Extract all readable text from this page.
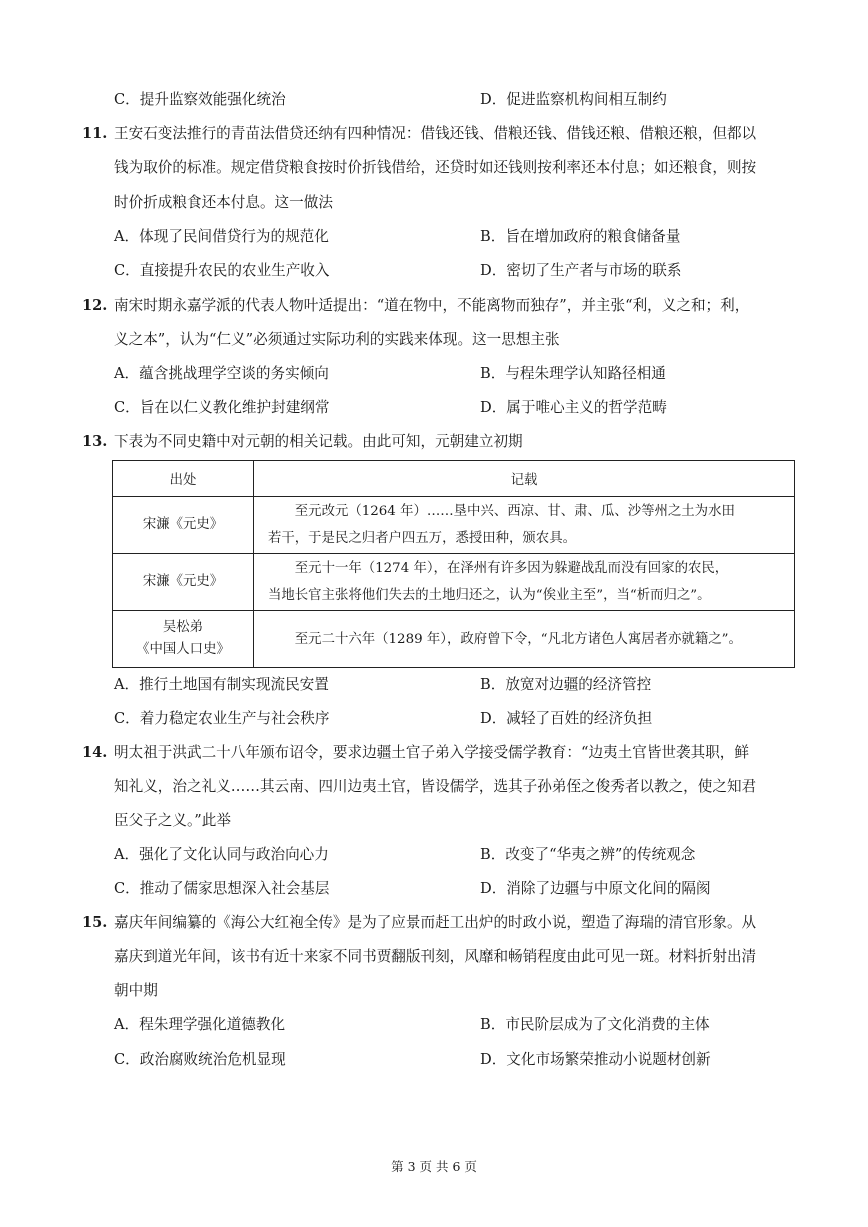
C．提升监察效能强化统治	D．促进监察机构间相互制约
11. 王安石变法推行的青苗法借贷还纳有四种情况：借钱还钱、借粮还钱、借钱还粮、借粮还粮，但都以
钱为取价的标准。规定借贷粮食按时价折钱借给，还贷时如还钱则按利率还本付息；如还粮食，则按
时价折成粮食还本付息。这一做法
A．体现了民间借贷行为的规范化	B．旨在增加政府的粮食储备量
C．直接提升农民的农业生产收入	D．密切了生产者与市场的联系
12. 南宋时期永嘉学派的代表人物叶适提出：“道在物中，不能离物而独存”，并主张“利，义之和；利，
义之本”，认为“仁义”必须通过实际功利的实践来体现。这一思想主张
A．蕴含挑战理学空谈的务实倾向	B．与程朱理学认知路径相通
C．旨在以仁义教化维护封建纲常	D．属于唯心主义的哲学范畴
13. 下表为不同史籍中对元朝的相关记载。由此可知，元朝建立初期
出处	记载
宋濂《元史》	至元改元（1264 年）……垦中兴、西凉、甘、肃、瓜、沙等州之土为水田
若干，于是民之归者户四五万，悉授田种，颁农具。

宋濂《元史》	至元十一年（1274 年），在泽州有许多因为躲避战乱而没有回家的农民，
当地长官主张将他们失去的土地归还之，认为“俟业主至”，当“析而归之”。

吴松弟
《中国人口史》	至元二十六年（1289 年），政府曾下令，“凡北方诸色人寓居者亦就籍之”。
A．推行土地国有制实现流民安置	B．放宽对边疆的经济管控
C．着力稳定农业生产与社会秩序	D．减轻了百姓的经济负担
14. 明太祖于洪武二十八年颁布诏令，要求边疆土官子弟入学接受儒学教育：“边夷土官皆世袭其职，鲜
知礼义，治之礼义……其云南、四川边夷土官，皆设儒学，选其子孙弟侄之俊秀者以教之，使之知君
臣父子之义。”此举
A．强化了文化认同与政治向心力	B．改变了“华夷之辨”的传统观念
C．推动了儒家思想深入社会基层	D．消除了边疆与中原文化间的隔阂
15. 嘉庆年间编纂的《海公大红袍全传》是为了应景而赶工出炉的时政小说，塑造了海瑞的清官形象。从
嘉庆到道光年间，该书有近十来家不同书贾翻版刊刻，风靡和畅销程度由此可见一斑。材料折射出清
朝中期
A．程朱理学强化道德教化	B．市民阶层成为了文化消费的主体
C．政治腐败统治危机显现	D．文化市场繁荣推动小说题材创新
第 3 页 共 6 页
